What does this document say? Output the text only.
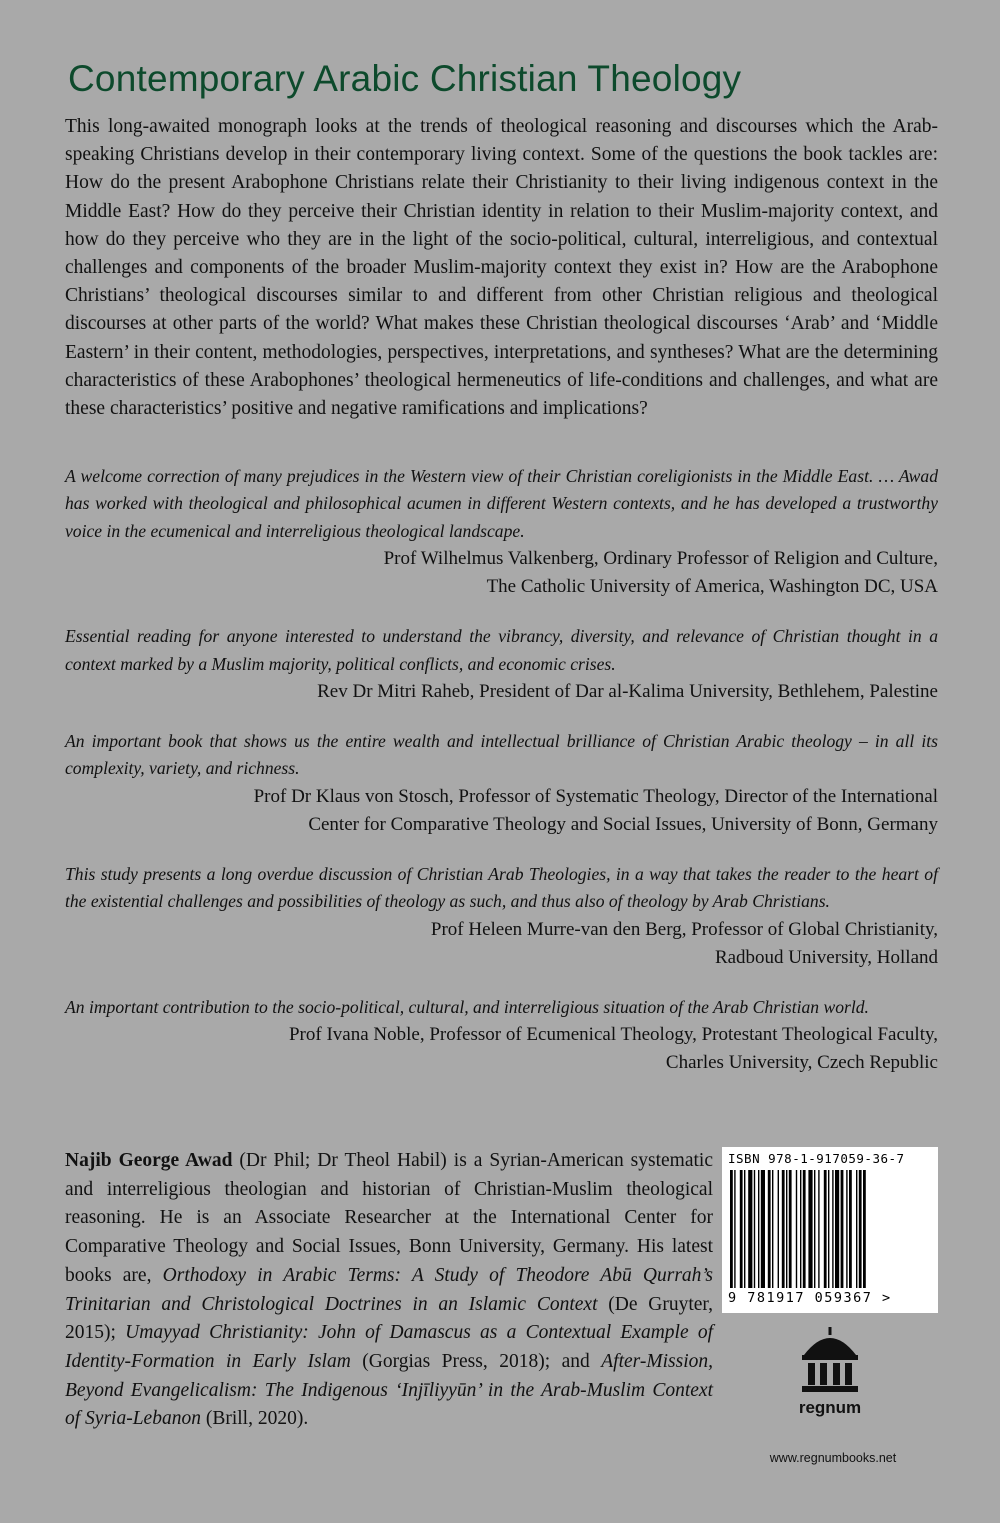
Contemporary Arabic Christian Theology

This long-awaited monograph looks at the trends of theological reasoning and discourses which the Arab-speaking Christians develop in their contemporary living context. Some of the questions the book tackles are: How do the present Arabophone Christians relate their Christianity to their living indigenous context in the Middle East? How do they perceive their Christian identity in relation to their Muslim-majority context, and how do they perceive who they are in the light of the socio-political, cultural, interreligious, and contextual challenges and components of the broader Muslim-majority context they exist in? How are the Arabophone Christians’ theological discourses similar to and different from other Christian religious and theological discourses at other parts of the world? What makes these Christian theological discourses ‘Arab’ and ‘Middle Eastern’ in their content, methodologies, perspectives, interpretations, and syntheses? What are the determining characteristics of these Arabophones’ theological hermeneutics of life-conditions and challenges, and what are these characteristics’ positive and negative ramifications and implications?

A welcome correction of many prejudices in the Western view of their Christian coreligionists in the Middle East. … Awad has worked with theological and philosophical acumen in different Western contexts, and he has developed a trustworthy voice in the ecumenical and interreligious theological landscape.

Prof Wilhelmus Valkenberg, Ordinary Professor of Religion and Culture,
The Catholic University of America, Washington DC, USA

Essential reading for anyone interested to understand the vibrancy, diversity, and relevance of Christian thought in a context marked by a Muslim majority, political conflicts, and economic crises.

Rev Dr Mitri Raheb, President of Dar al-Kalima University, Bethlehem, Palestine

An important book that shows us the entire wealth and intellectual brilliance of Christian Arabic theology – in all its complexity, variety, and richness.

Prof Dr Klaus von Stosch, Professor of Systematic Theology, Director of the International
Center for Comparative Theology and Social Issues, University of Bonn, Germany

This study presents a long overdue discussion of Christian Arab Theologies, in a way that takes the reader to the heart of the existential challenges and possibilities of theology as such, and thus also of theology by Arab Christians.

Prof Heleen Murre-van den Berg, Professor of Global Christianity,
Radboud University, Holland

An important contribution to the socio-political, cultural, and interreligious situation of the Arab Christian world.

Prof Ivana Noble, Professor of Ecumenical Theology, Protestant Theological Faculty,
Charles University, Czech Republic

Najib George Awad (Dr Phil; Dr Theol Habil) is a Syrian-American systematic and interreligious theologian and historian of Christian-Muslim theological reasoning. He is an Associate Researcher at the International Center for Comparative Theology and Social Issues, Bonn University, Germany. His latest books are, Orthodoxy in Arabic Terms: A Study of Theodore Abū Qurrah’s Trinitarian and Christological Doctrines in an Islamic Context (De Gruyter, 2015); Umayyad Christianity: John of Damascus as a Contextual Example of Identity-Formation in Early Islam (Gorgias Press, 2018); and After-Mission, Beyond Evangelicalism: The Indigenous ‘Injīliyyūn’ in the Arab-Muslim Context of Syria-Lebanon (Brill, 2020).

ISBN 978-1-917059-36-7
9 781917 059367 >
regnum
www.regnumbooks.net
